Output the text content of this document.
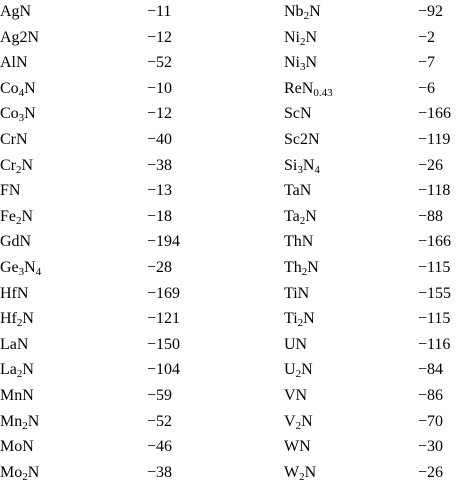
AgN	−11	$Nb_2N$	−92
Ag2N	−12	$Ni_2N$	−2
AlN	−52	$Ni_3N$	−7
$Co_4N$	−10	ReN$_{0.43}$	−6
$Co_3N$	−12	ScN	−166
CrN	−40	Sc2N	−119
$Cr_2N$	−38	$Si_3N_4$	−26
FN	−13	TaN	−118
$Fe_2N$	−18	$Ta_2N$	−88
GdN	−194	ThN	−166
$Ge_3N_4$	−28	$Th_2N$	−115
HfN	−169	TiN	−155
$Hf_2N$	−121	$Ti_2N$	−115
LaN	−150	UN	−116
$La_2N$	−104	$U_2N$	−84
MnN	−59	VN	−86
$Mn_2N$	−52	$V_2N$	−70
MoN	−46	WN	−30
$Mo_2N$	−38	$W_2N$	−26
